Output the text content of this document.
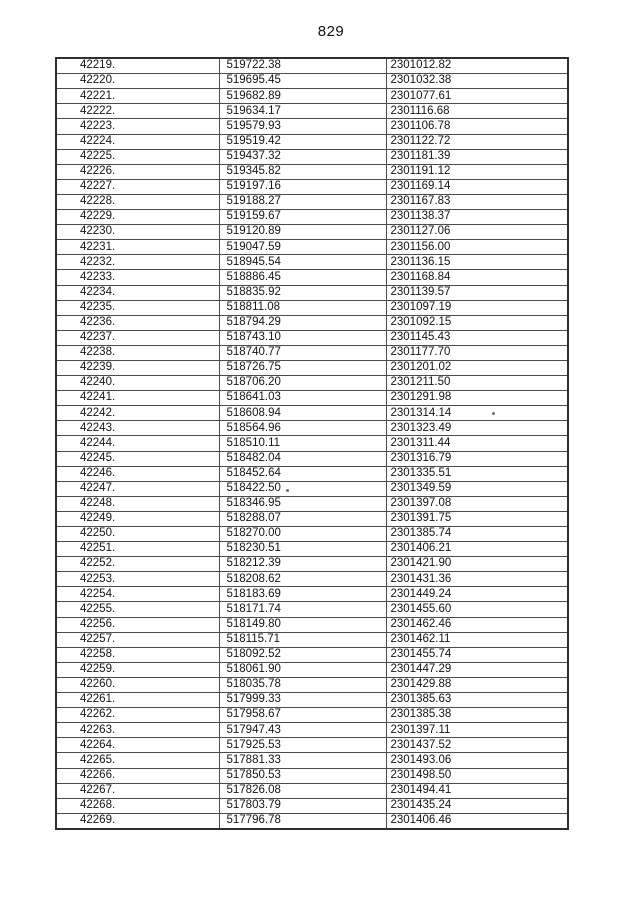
829
42219.	519722.38	2301012.82
42220.	519695.45	2301032.38
42221.	519682.89	2301077.61
42222.	519634.17	2301116.68
42223.	519579.93	2301106.78
42224.	519519.42	2301122.72
42225.	519437.32	2301181.39
42226.	519345.82	2301191.12
42227.	519197.16	2301169.14
42228.	519188.27	2301167.83
42229.	519159.67	2301138.37
42230.	519120.89	2301127.06
42231.	519047.59	2301156.00
42232.	518945.54	2301136.15
42233.	518886.45	2301168.84
42234.	518835.92	2301139.57
42235.	518811.08	2301097.19
42236.	518794.29	2301092.15
42237.	518743.10	2301145.43
42238.	518740.77	2301177.70
42239.	518726.75	2301201.02
42240.	518706.20	2301211.50
42241.	518641.03	2301291.98
42242.	518608.94	2301314.14
42243.	518564.96	2301323.49
42244.	518510.11	2301311.44
42245.	518482.04	2301316.79
42246.	518452.64	2301335.51
42247.	518422.50	2301349.59
42248.	518346.95	2301397.08
42249.	518288.07	2301391.75
42250.	518270.00	2301385.74
42251.	518230.51	2301406.21
42252.	518212.39	2301421.90
42253.	518208.62	2301431.36
42254.	518183.69	2301449.24
42255.	518171.74	2301455.60
42256.	518149.80	2301462.46
42257.	518115.71	2301462.11
42258.	518092.52	2301455.74
42259.	518061.90	2301447.29
42260.	518035.78	2301429.88
42261.	517999.33	2301385.63
42262.	517958.67	2301385.38
42263.	517947.43	2301397.11
42264.	517925.53	2301437.52
42265.	517881.33	2301493.06
42266.	517850.53	2301498.50
42267.	517826.08	2301494.41
42268.	517803.79	2301435.24
42269.	517796.78	2301406.46
